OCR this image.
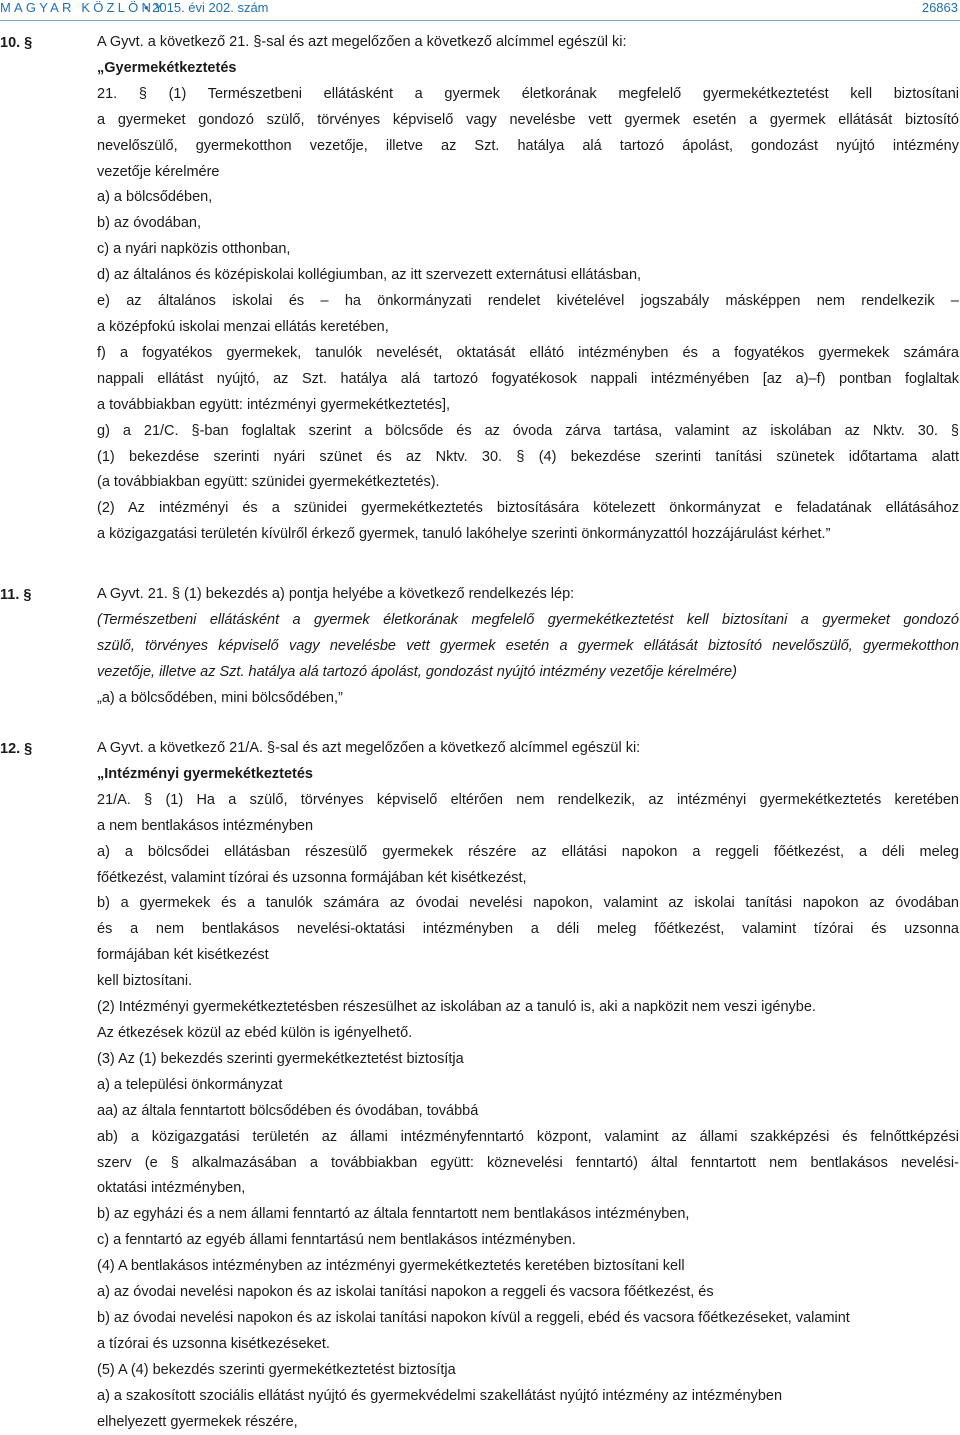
MAGYAR KÖZLÖNY
• 2015. évi 202. szám	26863
10. §	A Gyvt. a következő 21. §-sal és azt megelőzően a következő alcímmel egészül ki:
„Gyermekétkeztetés
21. § (1) Természetbeni ellátásként a gyermek életkorának megfelelő gyermekétkeztetést kell biztosítani
a gyermeket gondozó szülő, törvényes képviselő vagy nevelésbe vett gyermek esetén a gyermek ellátását biztosító
nevelőszülő, gyermekotthon vezetője, illetve az Szt. hatálya alá tartozó ápolást, gondozást nyújtó intézmény
vezetője kérelmére
a) a bölcsődében,
b) az óvodában,
c) a nyári napközis otthonban,
d) az általános és középiskolai kollégiumban, az itt szervezett externátusi ellátásban,
e) az általános iskolai és – ha önkormányzati rendelet kivételével jogszabály másképpen nem rendelkezik –
a középfokú iskolai menzai ellátás keretében,
f) a fogyatékos gyermekek, tanulók nevelését, oktatását ellátó intézményben és a fogyatékos gyermekek számára
nappali ellátást nyújtó, az Szt. hatálya alá tartozó fogyatékosok nappali intézményében [az a)–f) pontban foglaltak
a továbbiakban együtt: intézményi gyermekétkeztetés],
g) a 21/C. §-ban foglaltak szerint a bölcsőde és az óvoda zárva tartása, valamint az iskolában az Nktv. 30. §
(1) bekezdése szerinti nyári szünet és az Nktv. 30. § (4) bekezdése szerinti tanítási szünetek időtartama alatt
(a továbbiakban együtt: szünidei gyermekétkeztetés).
(2) Az intézményi és a szünidei gyermekétkeztetés biztosítására kötelezett önkormányzat e feladatának ellátásához
a közigazgatási területén kívülről érkező gyermek, tanuló lakóhelye szerinti önkormányzattól hozzájárulást kérhet.”
11. §	A Gyvt. 21. § (1) bekezdés a) pontja helyébe a következő rendelkezés lép:
(Természetbeni ellátásként a gyermek életkorának megfelelő gyermekétkeztetést kell biztosítani a gyermeket gondozó
szülő, törvényes képviselő vagy nevelésbe vett gyermek esetén a gyermek ellátását biztosító nevelőszülő, gyermekotthon
vezetője, illetve az Szt. hatálya alá tartozó ápolást, gondozást nyújtó intézmény vezetője kérelmére)
„a) a bölcsődében, mini bölcsődében,”
12. §	A Gyvt. a következő 21/A. §-sal és azt megelőzően a következő alcímmel egészül ki:
„Intézményi gyermekétkeztetés
21/A. § (1) Ha a szülő, törvényes képviselő eltérően nem rendelkezik, az intézményi gyermekétkeztetés keretében
a nem bentlakásos intézményben
a) a bölcsődei ellátásban részesülő gyermekek részére az ellátási napokon a reggeli főétkezést, a déli meleg
főétkezést, valamint tízórai és uzsonna formájában két kisétkezést,
b) a gyermekek és a tanulók számára az óvodai nevelési napokon, valamint az iskolai tanítási napokon az óvodában
és a nem bentlakásos nevelési-oktatási intézményben a déli meleg főétkezést, valamint tízórai és uzsonna
formájában két kisétkezést
kell biztosítani.
(2) Intézményi gyermekétkeztetésben részesülhet az iskolában az a tanuló is, aki a napközit nem veszi igénybe.
Az étkezések közül az ebéd külön is igényelhető.
(3) Az (1) bekezdés szerinti gyermekétkeztetést biztosítja
a) a települési önkormányzat
aa) az általa fenntartott bölcsődében és óvodában, továbbá
ab) a közigazgatási területén az állami intézményfenntartó központ, valamint az állami szakképzési és felnőttképzési
szerv (e § alkalmazásában a továbbiakban együtt: köznevelési fenntartó) által fenntartott nem bentlakásos nevelési-
oktatási intézményben,
b) az egyházi és a nem állami fenntartó az általa fenntartott nem bentlakásos intézményben,
c) a fenntartó az egyéb állami fenntartású nem bentlakásos intézményben.
(4) A bentlakásos intézményben az intézményi gyermekétkeztetés keretében biztosítani kell
a) az óvodai nevelési napokon és az iskolai tanítási napokon a reggeli és vacsora főétkezést, és
b) az óvodai nevelési napokon és az iskolai tanítási napokon kívül a reggeli, ebéd és vacsora főétkezéseket, valamint
a tízórai és uzsonna kisétkezéseket.
(5) A (4) bekezdés szerinti gyermekétkeztetést biztosítja
a) a szakosított szociális ellátást nyújtó és gyermekvédelmi szakellátást nyújtó intézmény az intézményben
elhelyezett gyermekek részére,
